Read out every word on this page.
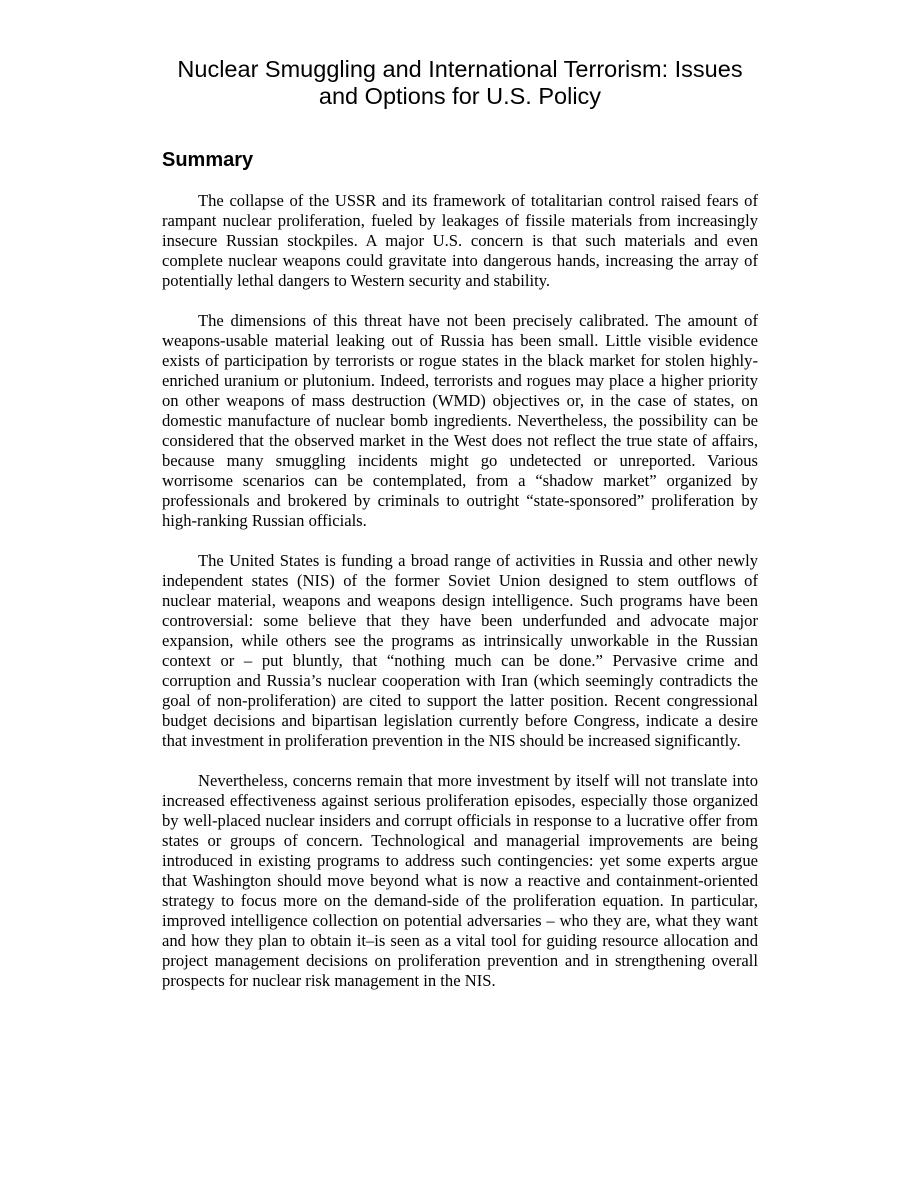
Nuclear Smuggling and International Terrorism: Issues
and Options for U.S. Policy
Summary

The collapse of the USSR and its framework of totalitarian control raised fears of rampant nuclear proliferation, fueled by leakages of fissile materials from increasingly insecure Russian stockpiles. A major U.S. concern is that such materials and even complete nuclear weapons could gravitate into dangerous hands, increasing the array of potentially lethal dangers to Western security and stability.

The dimensions of this threat have not been precisely calibrated. The amount of weapons-usable material leaking out of Russia has been small. Little visible evidence exists of participation by terrorists or rogue states in the black market for stolen highly-enriched uranium or plutonium. Indeed, terrorists and rogues may place a higher priority on other weapons of mass destruction (WMD) objectives or, in the case of states, on domestic manufacture of nuclear bomb ingredients. Nevertheless, the possibility can be considered that the observed market in the West does not reflect the true state of affairs, because many smuggling incidents might go undetected or unreported. Various worrisome scenarios can be contemplated, from a “shadow market” organized by professionals and brokered by criminals to outright “state-sponsored” proliferation by high-ranking Russian officials.

The United States is funding a broad range of activities in Russia and other newly independent states (NIS) of the former Soviet Union designed to stem outflows of nuclear material, weapons and weapons design intelligence. Such programs have been controversial: some believe that they have been underfunded and advocate major expansion, while others see the programs as intrinsically unworkable in the Russian context or – put bluntly, that “nothing much can be done.” Pervasive crime and corruption and Russia’s nuclear cooperation with Iran (which seemingly contradicts the goal of non-proliferation) are cited to support the latter position. Recent congressional budget decisions and bipartisan legislation currently before Congress, indicate a desire that investment in proliferation prevention in the NIS should be increased significantly.

Nevertheless, concerns remain that more investment by itself will not translate into increased effectiveness against serious proliferation episodes, especially those organized by well-placed nuclear insiders and corrupt officials in response to a lucrative offer from states or groups of concern. Technological and managerial improvements are being introduced in existing programs to address such contingencies: yet some experts argue that Washington should move beyond what is now a reactive and containment-oriented strategy to focus more on the demand-side of the proliferation equation. In particular, improved intelligence collection on potential adversaries – who they are, what they want and how they plan to obtain it–is seen as a vital tool for guiding resource allocation and project management decisions on proliferation prevention and in strengthening overall prospects for nuclear risk management in the NIS.
